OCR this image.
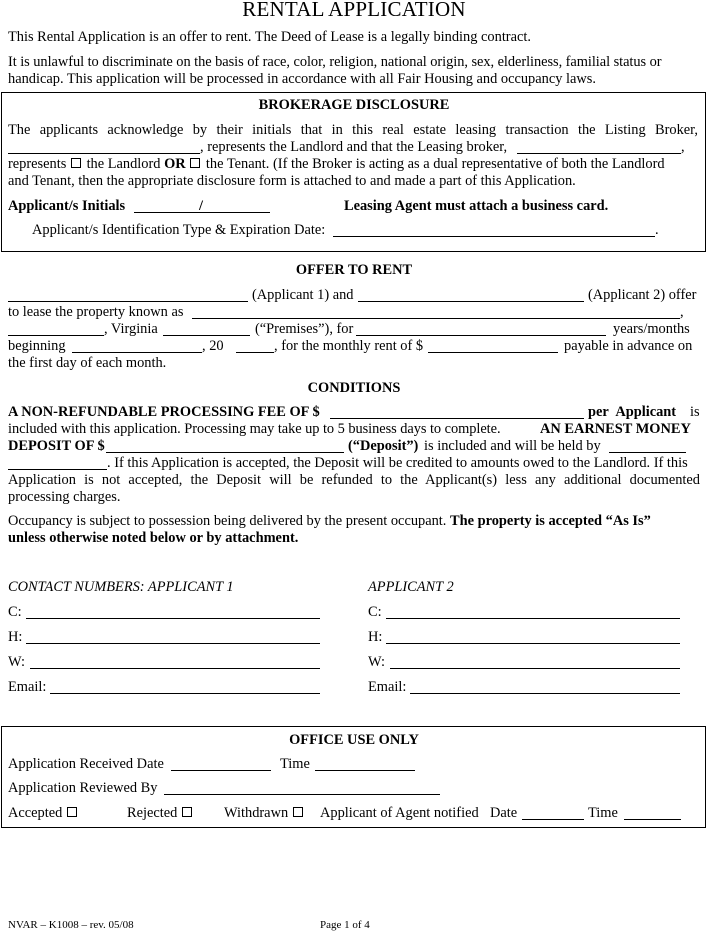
RENTAL APPLICATION
This Rental Application is an offer to rent. The Deed of Lease is a legally binding contract.
It is unlawful to discriminate on the basis of race, color, religion, national origin, sex, elderliness, familial status or
handicap. This application will be processed in accordance with all Fair Housing and occupancy laws.
BROKERAGE DISCLOSURE
The applicants acknowledge by their initials that in this real estate leasing transaction the Listing Broker,
, represents the Landlord and that the Leasing broker,	,
represents the Landlord OR the Tenant. (If the Broker is acting as a dual representative of both the Landlord
and Tenant, then the appropriate disclosure form is attached to and made a part of this Application.
Applicant/s Initials	/	Leasing Agent must attach a business card.
Applicant/s Identification Type & Expiration Date:	.
OFFER TO RENT
(Applicant 1) and	(Applicant 2) offer
to lease the property known as	,
, Virginia	(“Premises”), for	years/months
beginning	, 20	, for the monthly rent of $	payable in advance on
the first day of each month.
CONDITIONS
A NON-REFUNDABLE PROCESSING FEE OF $	per Applicant is
included with this application. Processing may take up to 5 business days to complete.	AN EARNEST MONEY
DEPOSIT OF $	(“Deposit”) is included and will be held by
. If this Application is accepted, the Deposit will be credited to amounts owed to the Landlord. If this
Application is not accepted, the Deposit will be refunded to the Applicant(s) less any additional documented
processing charges.
Occupancy is subject to possession being delivered by the present occupant. The property is accepted “As Is”
unless otherwise noted below or by attachment.
CONTACT NUMBERS: APPLICANT 1	APPLICANT 2
C:	C:
H:	H:
W:	W:
Email:	Email:
OFFICE USE ONLY
Application Received Date	Time
Application Reviewed By
Accepted	Rejected	Withdrawn	Applicant of Agent notified Date	Time
NVAR – K1008 – rev. 05/08	Page 1 of 4
